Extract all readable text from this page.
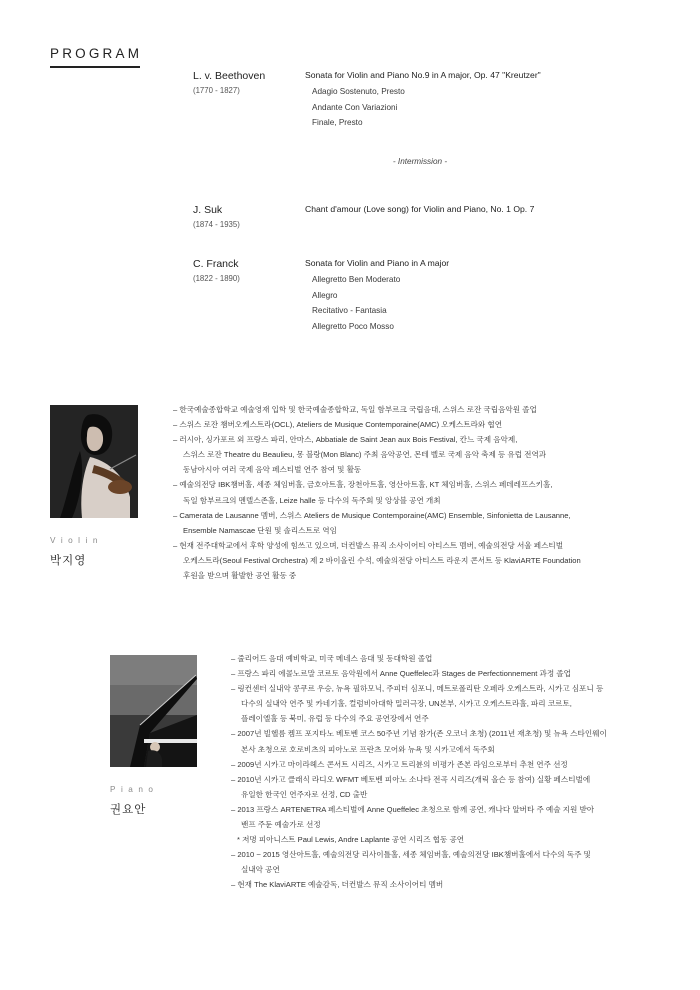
PROGRAM
L. v. Beethoven
(1770 - 1827)
Sonata for Violin and Piano No.9 in A major, Op. 47 "Kreutzer"
Adagio Sostenuto, Presto
Andante Con Variazioni
Finale, Presto
- Intermission -
J. Suk
(1874 - 1935)
Chant d'amour (Love song) for Violin and Piano, No. 1 Op. 7
C. Franck
(1822 - 1890)
Sonata for Violin and Piano in A major
Allegretto Ben Moderato
Allegro
Recitativo - Fantasia
Allegretto Poco Mosso
Violin
박지영
– 한국예술종합학교 예술영재 입학 및 한국예술종합학교, 독일 함부르크 국립음대, 스위스 로잔 국립음악원 졸업
– 스위스 로잔 챔버오케스트라(OCL), Ateliers de Musique Contemporaine(AMC) 오케스트라와 협연
– 러시아, 싱가포르 외 프랑스 파리, 안마스, Abbatiale de Saint Jean aux Bois Festival, 칸느 국제 음악제,
스위스 로잔 Theatre du Beaulieu, 몽 블랑(Mon Blanc) 주최 음악공연, 몬테 벨로 국제 음악 축제 등 유럽 전역과
동남아시아 여러 국제 음악 페스티벌 연주 참여 및 활동
– 예술의전당 IBK챔버홀, 세종 체임버홀, 금호아트홀, 장천아트홀, 영산아트홀, KT 체임버홀, 스위스 페데레프스키홀,
독일 함부르크의 멘델스존홀, Leize halle 등 다수의 독주회 및 앙상블 공연 개최
– Camerata de Lausanne 멤버, 스위스 Ateliers de Musique Contemporaine(AMC) Ensemble, Sinfonietta de Lausanne,
Ensemble Namascae 단원 및 솔리스트로 역임
– 현재 전주대학교에서 후학 양성에 힘쓰고 있으며, 더컨발스 뮤직 소사이어티 아티스트 멤버, 예술의전당 서울 페스티벌
오케스트라(Seoul Festival Orchestra) 제 2 바이올린 수석, 예술의전당 아티스트 라운지 콘서트 등 KlaviARTE Foundation
후원을 받으며 활발한 공연 활동 중
Piano
권요안
– 줄리어드 음대 예비학교, 미국 메네스 음대 및 동대학원 졸업
– 프랑스 파리 에콜노르말 코르토 음악원에서 Anne Queffelec과 Stages de Perfectionnement 과정 졸업
– 링컨센터 실내악 콩쿠르 우승, 뉴욕 필하모닉, 주피터 심포니, 메트로폴리탄 오페라 오케스트라, 시카고 심포니 등
다수의 실내악 연주 및 카네기홀, 컬럼비아대학 밀러극장, UN본부, 시카고 오케스트라홀, 파리 코르토,
플레이엘홀 등 북미, 유럽 등 다수의 주요 공연장에서 연주
– 2007년 빌헬름 켐프 포지타노 베토벤 코스 50주년 기념 참가(존 오코너 초청) (2011년 재초청) 및 뉴욕 스타인웨이
본사 초청으로 호로비츠의 피아노로 프란츠 모어와 뉴욕 및 시카고에서 독주회
– 2009년 시카고 마이라헤스 콘서트 시리즈, 시카고 트리뷴의 비평가 존본 라임으로부터 추천 연주 선정
– 2010년 시카고 클래식 라디오 WFMT 베토벤 피아노 소나타 전곡 시리즈(개릭 올슨 등 참여) 실황 페스티벌에
유일한 한국인 연주자로 선정, CD 출반
– 2013 프랑스 ARTENETRA 페스티벌에 Anne Queffelec 초청으로 함께 공연, 캐나다 알버타 주 예술 지원 받아
밴프 주둔 예술가로 선정
* 저명 피아니스트 Paul Lewis, Andre Laplante 공연 시리즈 협동 공연
– 2010 ~ 2015 영산아트홀, 예술의전당 리사이틀홀, 세종 체임버홀, 예술의전당 IBK챔버홀에서 다수의 독주 및
실내악 공연
– 현재 The KlaviARTE 예술감독, 더컨발스 뮤직 소사이어티 멤버
